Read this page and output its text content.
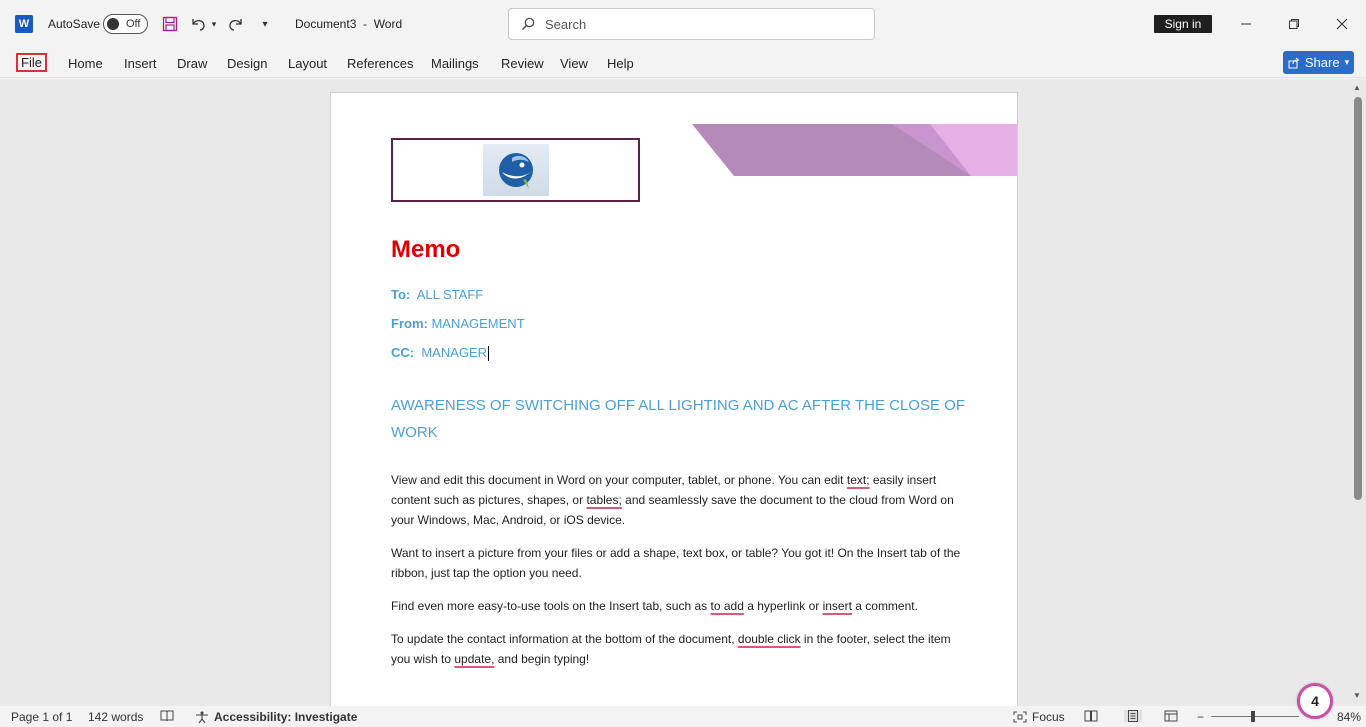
W	AutoSave Off	▾	▾	Document3  -  Word	Search	Sign in
File	Home Insert Draw Design Layout References Mailings Review View Help	Share ▾
Memo
To: ALL STAFF
From: MANAGEMENT
CC: MANAGER
AWARENESS OF SWITCHING OFF ALL LIGHTING AND AC AFTER THE CLOSE OF WORK
View and edit this document in Word on your computer, tablet, or phone. You can edit text; easily insert content such as pictures, shapes, or tables; and seamlessly save the document to the cloud from Word on your Windows, Mac, Android, or iOS device.
Want to insert a picture from your files or add a shape, text box, or table? You got it! On the Insert tab of the ribbon, just tap the option you need.
Find even more easy-to-use tools on the Insert tab, such as to add a hyperlink or insert a comment.
To update the contact information at the bottom of the document, double click in the footer, select the item you wish to update, and begin typing!
▲
▼
Page 1 of 1 142 words	Accessibility: Investigate	Focus	−	84%
4
